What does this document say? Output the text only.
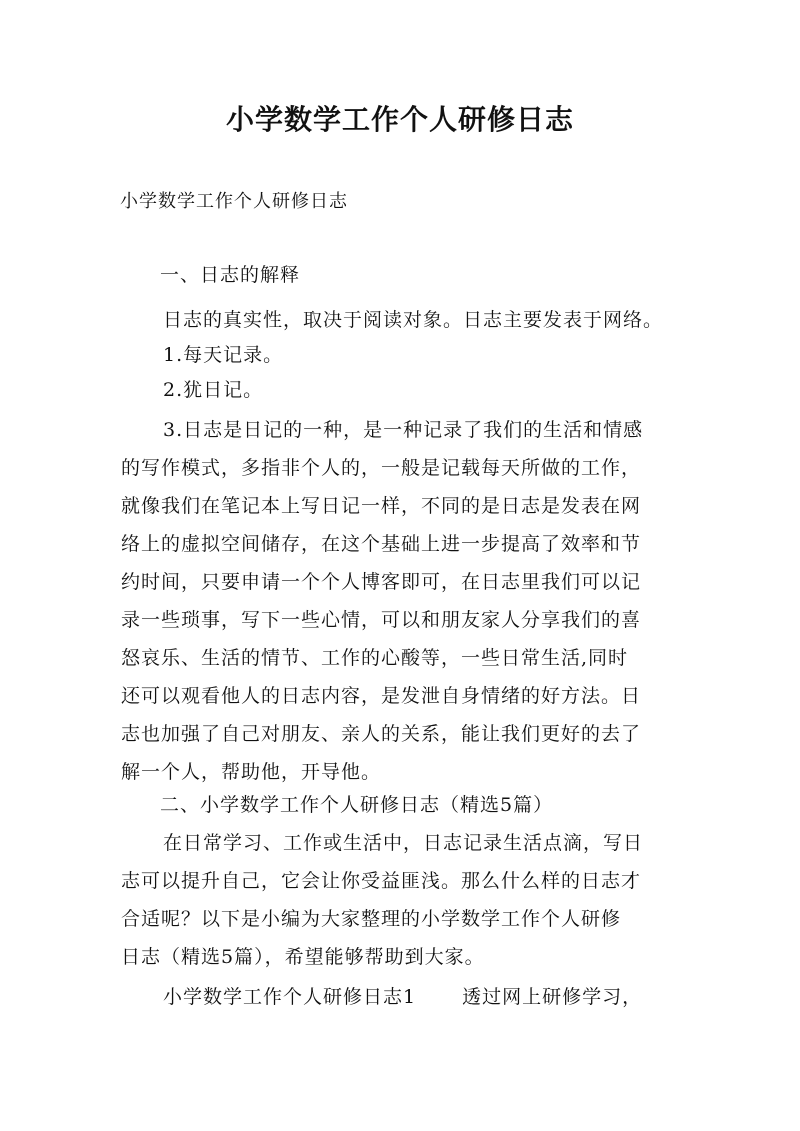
小学数学工作个人研修日志
小学数学工作个人研修日志
一、日志的解释
日志的真实性，取决于阅读对象。日志主要发表于网络。
1.每天记录。
2.犹日记。
3.日志是日记的一种，是一种记录了我们的生活和情感
的写作模式，多指非个人的，一般是记载每天所做的工作，
就像我们在笔记本上写日记一样，不同的是日志是发表在网
络上的虚拟空间储存，在这个基础上进一步提高了效率和节
约时间，只要申请一个个人博客即可，在日志里我们可以记
录一些琐事，写下一些心情，可以和朋友家人分享我们的喜
怒哀乐、生活的情节、工作的心酸等，一些日常生活,同时
还可以观看他人的日志内容，是发泄自身情绪的好方法。日
志也加强了自己对朋友、亲人的关系，能让我们更好的去了
解一个人，帮助他，开导他。
二、小学数学工作个人研修日志（精选5篇）
在日常学习、工作或生活中，日志记录生活点滴，写日
志可以提升自己，它会让你受益匪浅。那么什么样的日志才
合适呢？以下是小编为大家整理的小学数学工作个人研修
日志（精选5篇），希望能够帮助到大家。
小学数学工作个人研修日志1 透过网上研修学习，
